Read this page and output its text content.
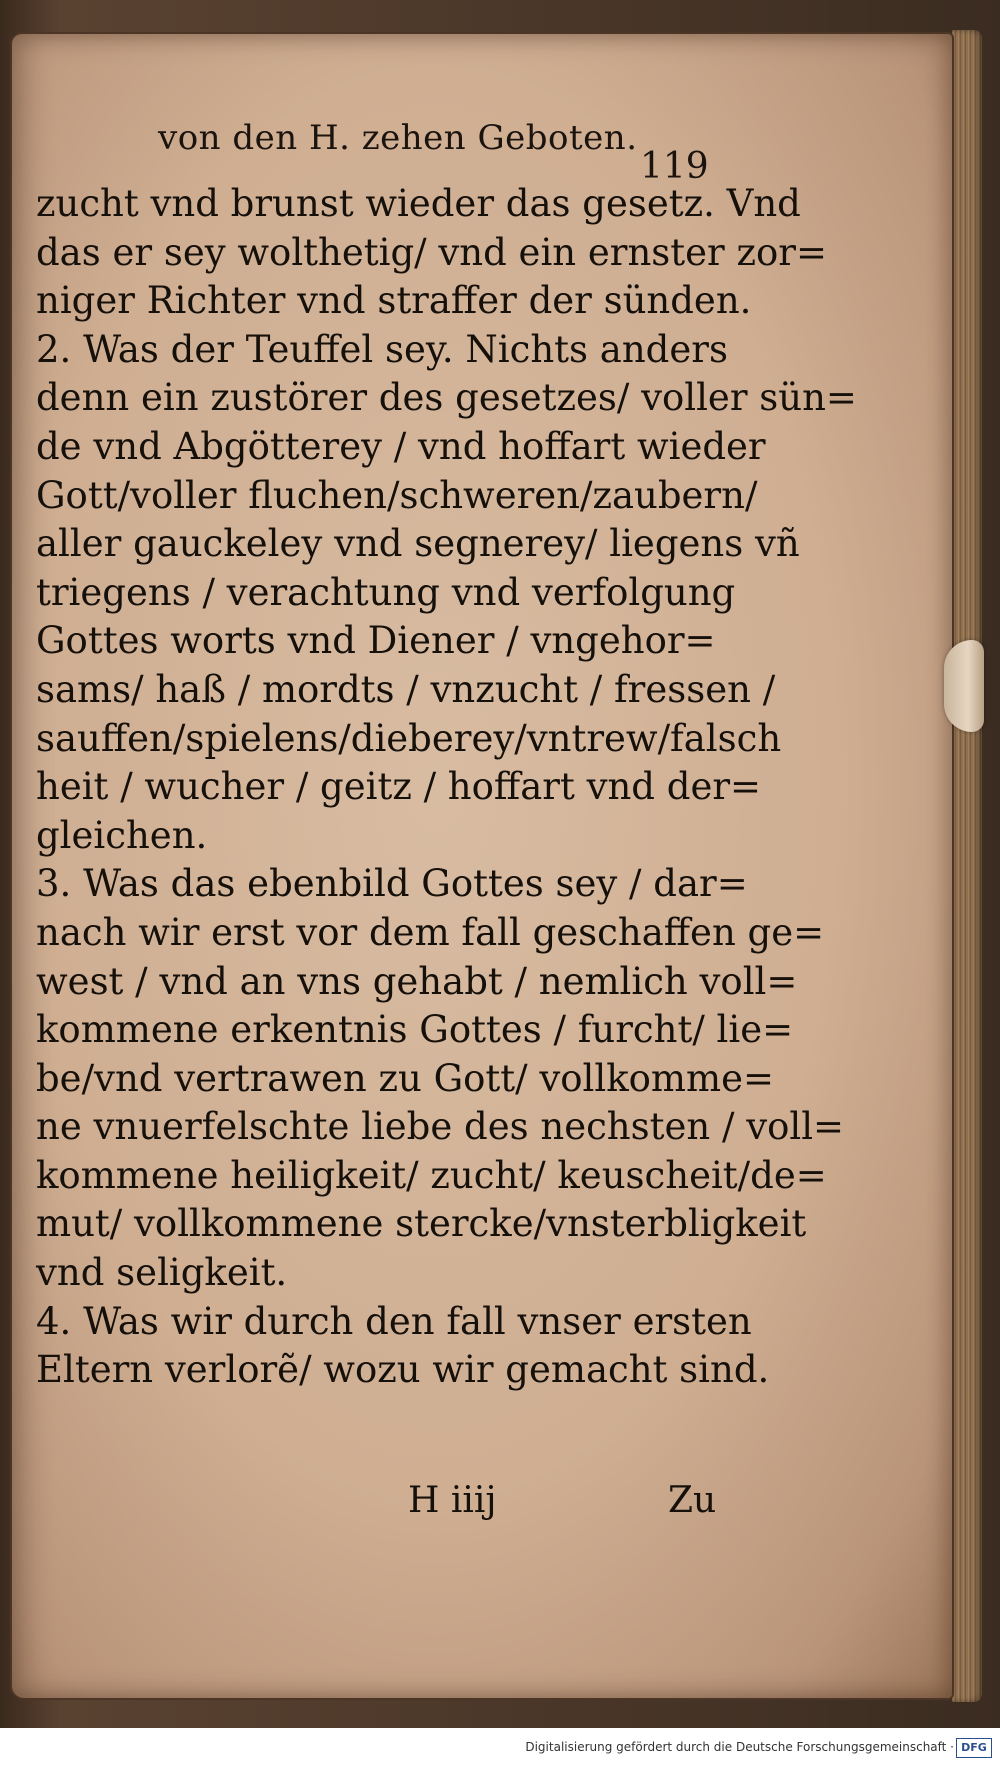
von den H. zehen Geboten.
119
zucht vnd brunst wieder das gesetz. Vnd
das er sey wolthetig/ vnd ein ernster zor=
niger Richter vnd straffer der sünden.
2. Was der Teuffel sey. Nichts anders
denn ein zustörer des gesetzes/ voller sün=
de vnd Abgötterey / vnd hoffart wieder
Gott/voller fluchen/schweren/zaubern/
aller gauckeley vnd segnerey/ liegens vñ
triegens / verachtung vnd verfolgung
Gottes worts vnd Diener / vngehor=
sams/ haß / mordts / vnzucht / fressen /
sauffen/spielens/dieberey/vntrew/falsch
heit / wucher / geitz / hoffart vnd der=
gleichen.
3. Was das ebenbild Gottes sey / dar=
nach wir erst vor dem fall geschaffen ge=
west / vnd an vns gehabt / nemlich voll=
kommene erkentnis Gottes / furcht/ lie=
be/vnd vertrawen zu Gott/ vollkomme=
ne vnuerfelschte liebe des nechsten / voll=
kommene heiligkeit/ zucht/ keuscheit/de=
mut/ vollkommene stercke/vnsterbligkeit
vnd seligkeit.
4. Was wir durch den fall vnser ersten
Eltern verlorẽ/ wozu wir gemacht sind.
H iiij	Zu
Digitalisierung gefördert durch die Deutsche Forschungsgemeinschaft · DFG
